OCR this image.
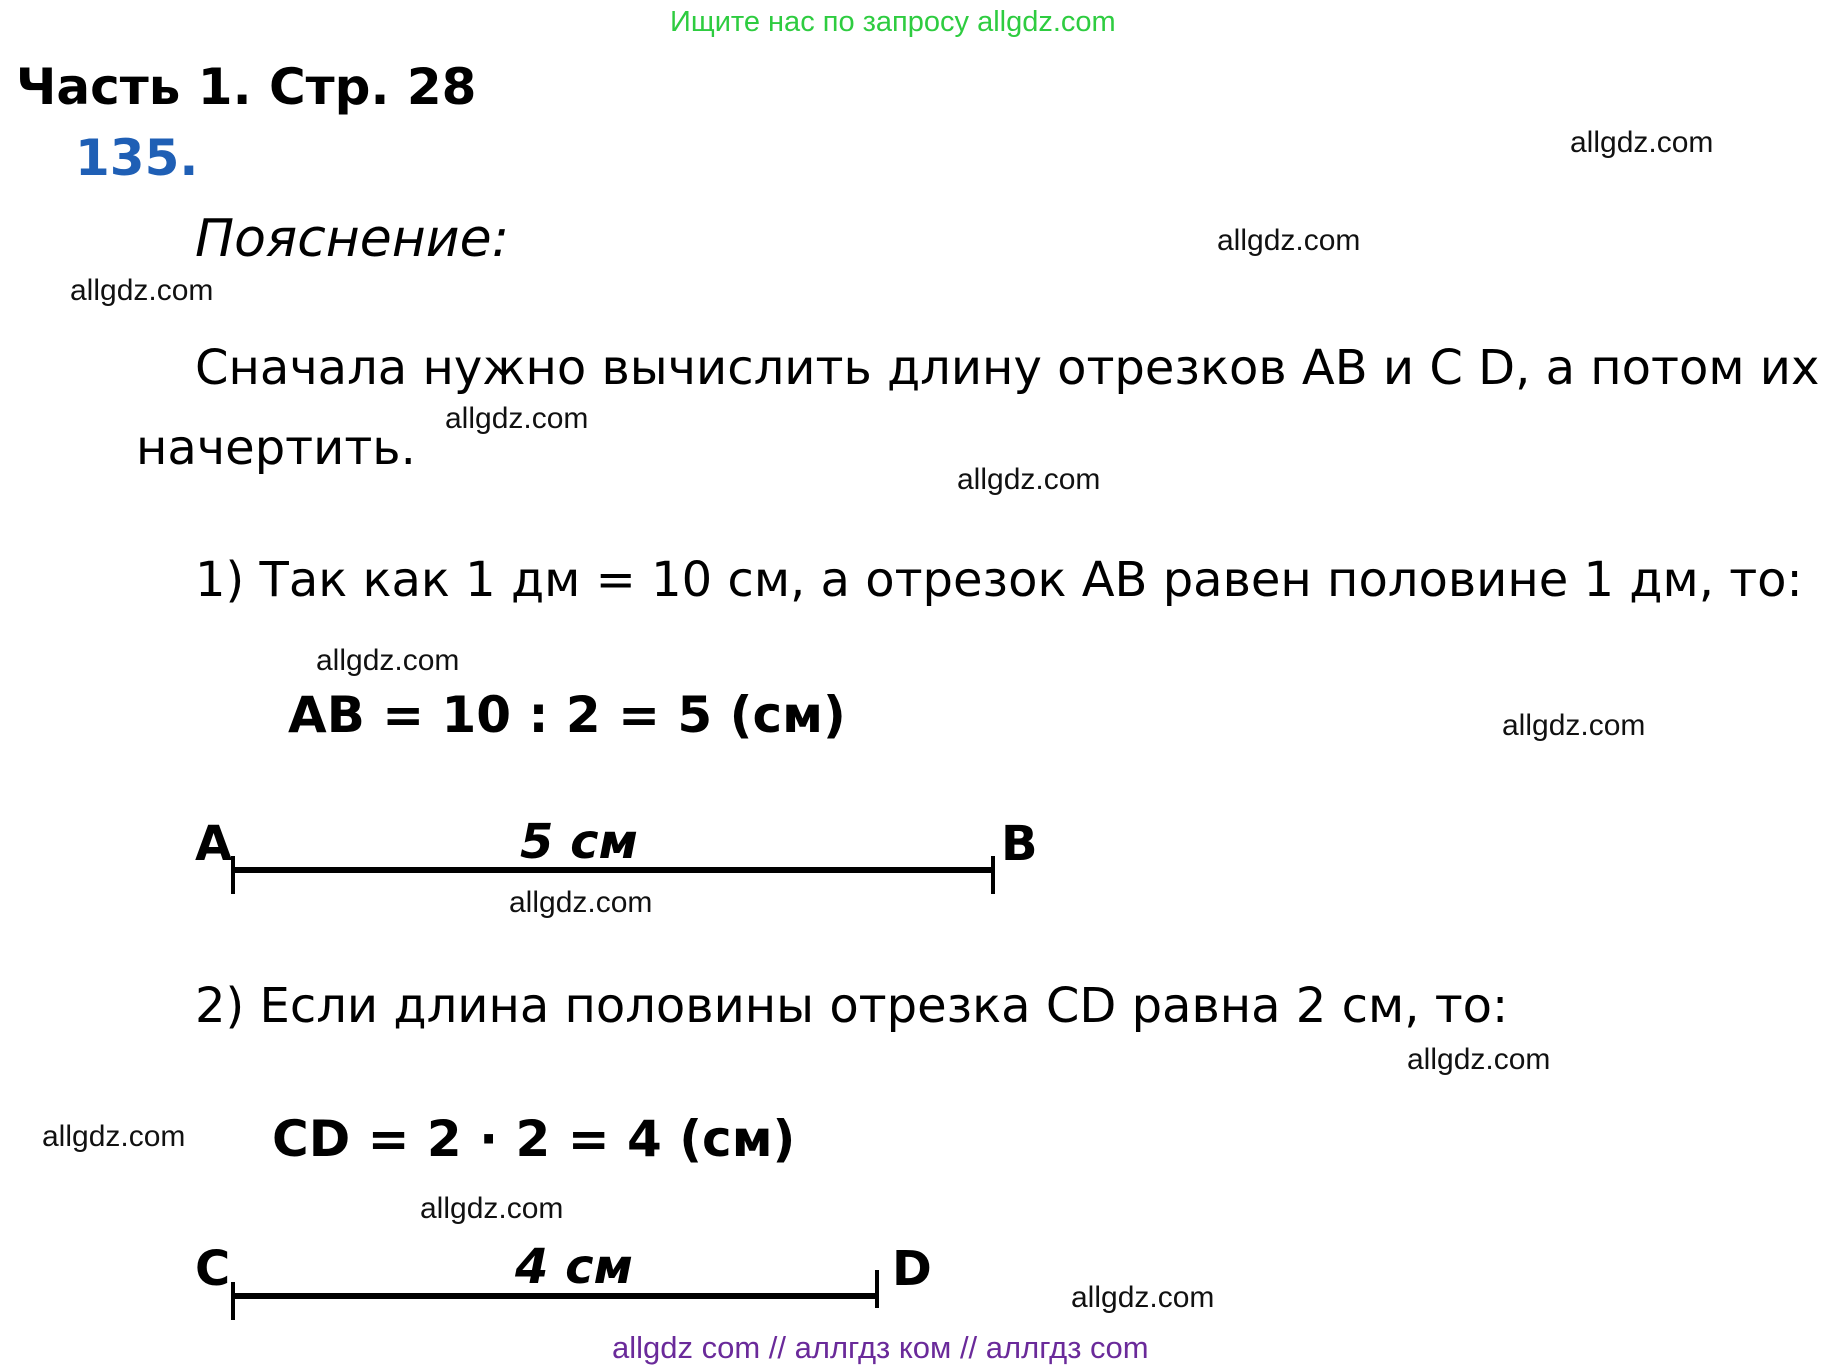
Ищите нас по запросу allgdz.com
Часть 1. Стр. 28
135.
Пояснение:
Сначала нужно вычислить длину отрезков АВ и С D, а потом их
начертить.
1) Так как 1 дм = 10 см, а отрезок АВ равен половине 1 дм, то:
АВ = 10 : 2 = 5 (см)
А	B
5 см
2) Если длина половины отрезка СD равна 2 см, то:
СD = 2 · 2 = 4 (см)
С	D
4 см
allgdz.com
allgdz.com
allgdz.com
allgdz.com
allgdz.com
allgdz.com
allgdz.com
allgdz.com
allgdz.com
allgdz.com
allgdz.com
allgdz.com
allgdz com // аллгдз ком // аллгдз com
